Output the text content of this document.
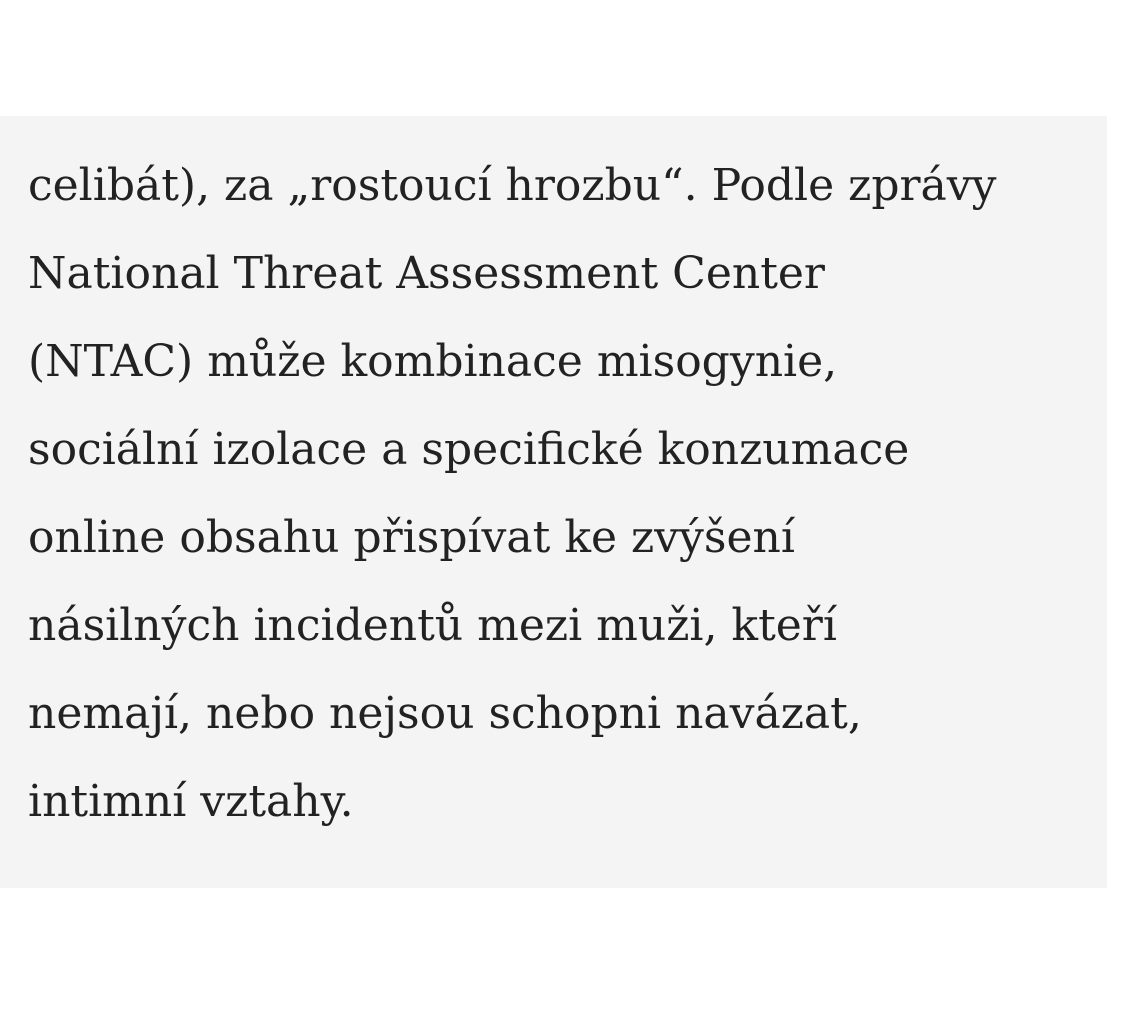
celibát), za „rostoucí hrozbu“. Podle zprávy
National Threat Assessment Center
(NTAC) může kombinace misogynie,
sociální izolace a specifické konzumace
online obsahu přispívat ke zvýšení
násilných incidentů mezi muži, kteří
nemají, nebo nejsou schopni navázat,
intimní vztahy.
